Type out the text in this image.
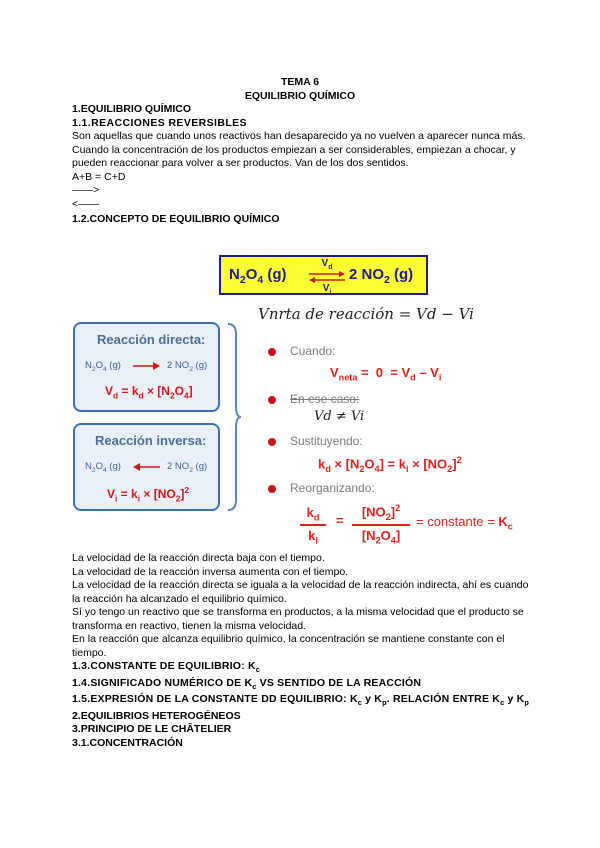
TEMA 6
EQUILIBRIO QUÍMICO
1.EQUILIBRIO QUÍMICO
1.1.REACCIONES REVERSIBLES
Son aquellas que cuando unos reactivos han desaparecido ya no vuelven a aparecer nunca más.
Cuando la concentración de los productos empiezan a ser considerables, empiezan a chocar, y pueden reaccionar para volver a ser productos. Van de los dos sentidos.
A+B = C+D
——>
<——
1.2.CONCEPTO DE EQUILIBRIO QUÍMICO
$N_2O_4$ (g)
$V_d$
$V_i$
2 $NO_2$ (g)
Vnrta de reacción = Vd − Vi
Reacción directa:
$N_2O_4$ (g)	2 $NO_2$ (g)
$V_d = k_d \times [N_2O_4]$
Reacción inversa:
$N_2O_4$ (g)	2 $NO_2$ (g)
$V_i = k_i \times [NO_2]^2$
Cuando:
$V_{neta} = 0 = V_d - V_i$
En ese caso:
Vd ≠ Vi
Sustituyendo:
$k_d \times [N_2O_4] = k_i \times [NO_2]^2$
Reorganizando:
$k_d$
$k_i$
=
$[NO_2]^2$
$[N_2O_4]$
= constante = $K_c$
La velocidad de la reacción directa baja con el tiempo.
La velocidad de la reacción inversa aumenta con el tiempo.
La velocidad de la reacción directa se iguala a la velocidad de la reacción indirecta, ahí es cuando la reacción ha alcanzado el equilibrio químico.
Sí yo tengo un reactivo que se transforma en productos, a la misma velocidad que el producto se transforma en reactivo, tienen la misma velocidad.
En la reacción que alcanza equilibrio químico, la concentración se mantiene constante con el tiempo.
1.3.CONSTANTE DE EQUILIBRIO: $K_c$
1.4.SIGNIFICADO NUMÉRICO DE $K_c$ VS SENTIDO DE LA REACCIÓN
1.5.EXPRESIÓN DE LA CONSTANTE DD EQUILIBRIO: $K_c$ y $K_p$. RELACIÓN ENTRE $K_c$ y $K_p$
2.EQUILIBRIOS HETEROGÉNEOS
3.PRINCIPIO DE LE CHÂTELIER
3.1.CONCENTRACIÓN
